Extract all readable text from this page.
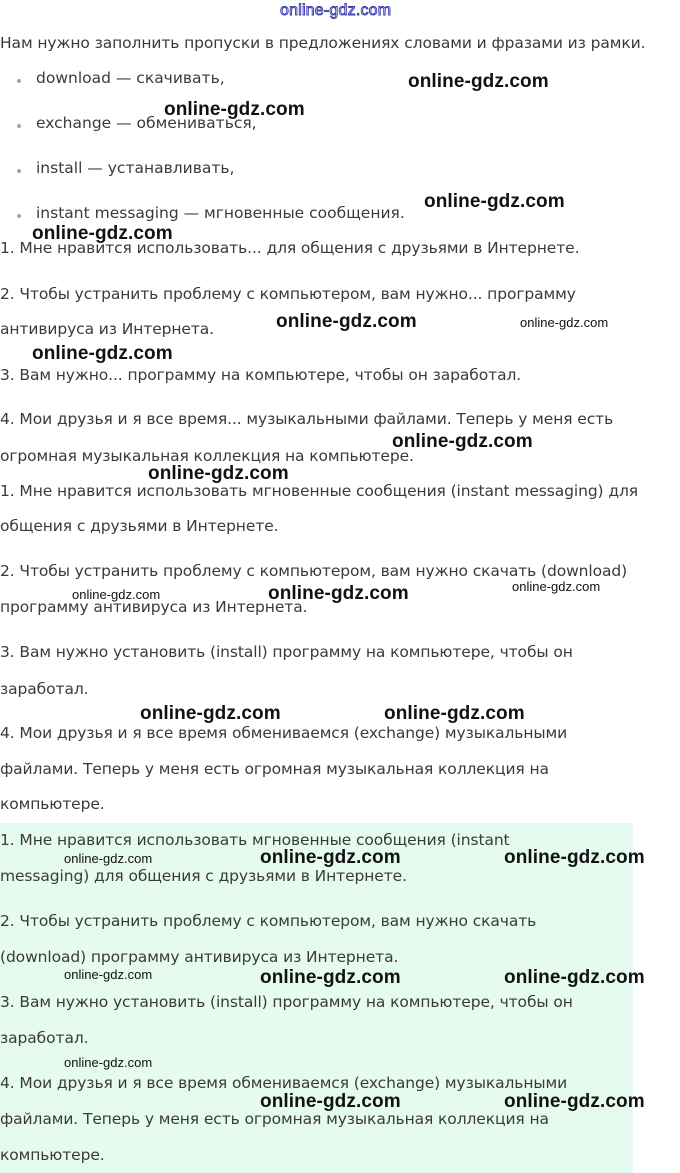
online-gdz.com

Нам нужно заполнить пропуски в предложениях словами и фразами из рамки.

download — скачивать,

exchange — обмениваться,

install — устанавливать,

instant messaging — мгновенные сообщения.

1. Мне нравится использовать... для общения с друзьями в Интернете.

2. Чтобы устранить проблему с компьютером, вам нужно... программу

антивируса из Интернета.

3. Вам нужно... программу на компьютере, чтобы он заработал.

4. Мои друзья и я все время... музыкальными файлами. Теперь у меня есть

огромная музыкальная коллекция на компьютере.

1. Мне нравится использовать мгновенные сообщения (instant messaging) для

общения с друзьями в Интернете.

2. Чтобы устранить проблему с компьютером, вам нужно скачать (download)

программу антивируса из Интернета.

3. Вам нужно установить (install) программу на компьютере, чтобы он

заработал.

4. Мои друзья и я все время обмениваемся (exchange) музыкальными

файлами. Теперь у меня есть огромная музыкальная коллекция на

компьютере.

1. Мне нравится использовать мгновенные сообщения (instant

messaging) для общения с друзьями в Интернете.

2. Чтобы устранить проблему с компьютером, вам нужно скачать

(download) программу антивируса из Интернета.

3. Вам нужно установить (install) программу на компьютере, чтобы он

заработал.

4. Мои друзья и я все время обмениваемся (exchange) музыкальными

файлами. Теперь у меня есть огромная музыкальная коллекция на

компьютере.

online-gdz.com
online-gdz.com
online-gdz.com
online-gdz.com
online-gdz.com	online-gdz.com
online-gdz.com
online-gdz.com
online-gdz.com
online-gdz.com
online-gdz.com
online-gdz.com
online-gdz.com	online-gdz.com
online-gdz.com	online-gdz.com
online-gdz.com
online-gdz.com	online-gdz.com	online-gdz.com
online-gdz.com
online-gdz.com	online-gdz.com
